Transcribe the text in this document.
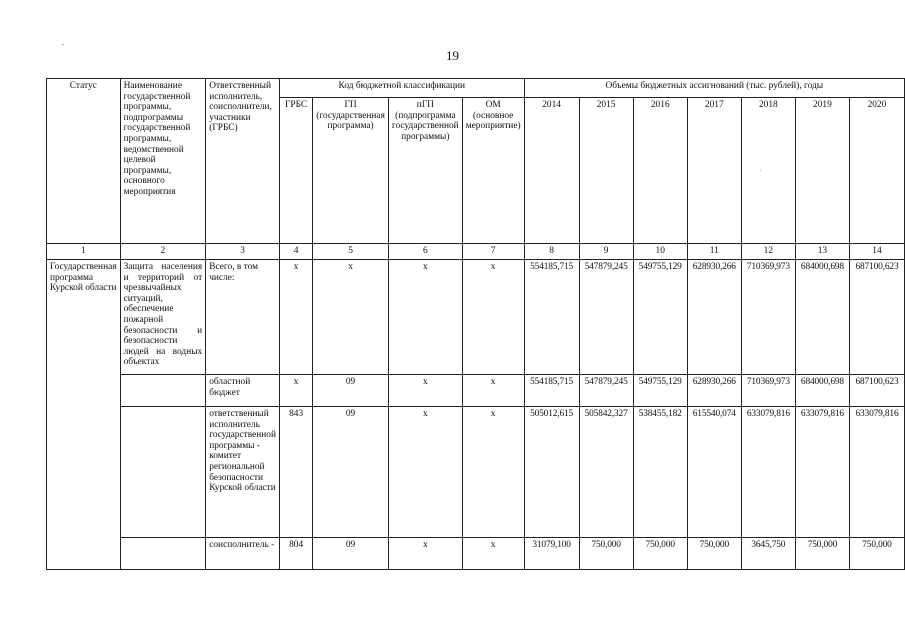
19
Статус	Наименование государственной программы, подпрограммы государственной программы, ведомственной целевой программы, основного мероприятия	Ответственный исполнитель, соисполнители, участники (ГРБС)	Код бюджетной классификации				Объемы бюджетных ассигнований (тыс. рублей), годы						
			ГРБС	ГП (государственная программа)	пГП (подпрограмма государственной программы)	ОМ (основное мероприятие)	2014	2015	2016	2017	2018	2019	2020
1	2	3	4	5	6	7	8	9	10	11	12	13	14
Государственная программа Курской области	Защита населения и территорий от чрезвычайных ситуаций, обеспечение пожарной безопасности и безопасности людей на водных объектах	Всего, в том числе:	х	х	х	х	554185,715	547879,245	549755,129	628930,266	710369,973	684000,698	687100,623
		областной бюджет	х	09	х	х	554185,715	547879,245	549755,129	628930,266	710369,973	684000,698	687100,623
		ответственный исполнитель государственной программы - комитет региональной безопасности Курской области	843	09	х	х	505012,615	505842,327	538455,182	615540,074	633079,816	633079,816	633079,816
		соисполнитель -	804	09	х	х	31079,100	750,000	750,000	750,000	3645,750	750,000	750,000
